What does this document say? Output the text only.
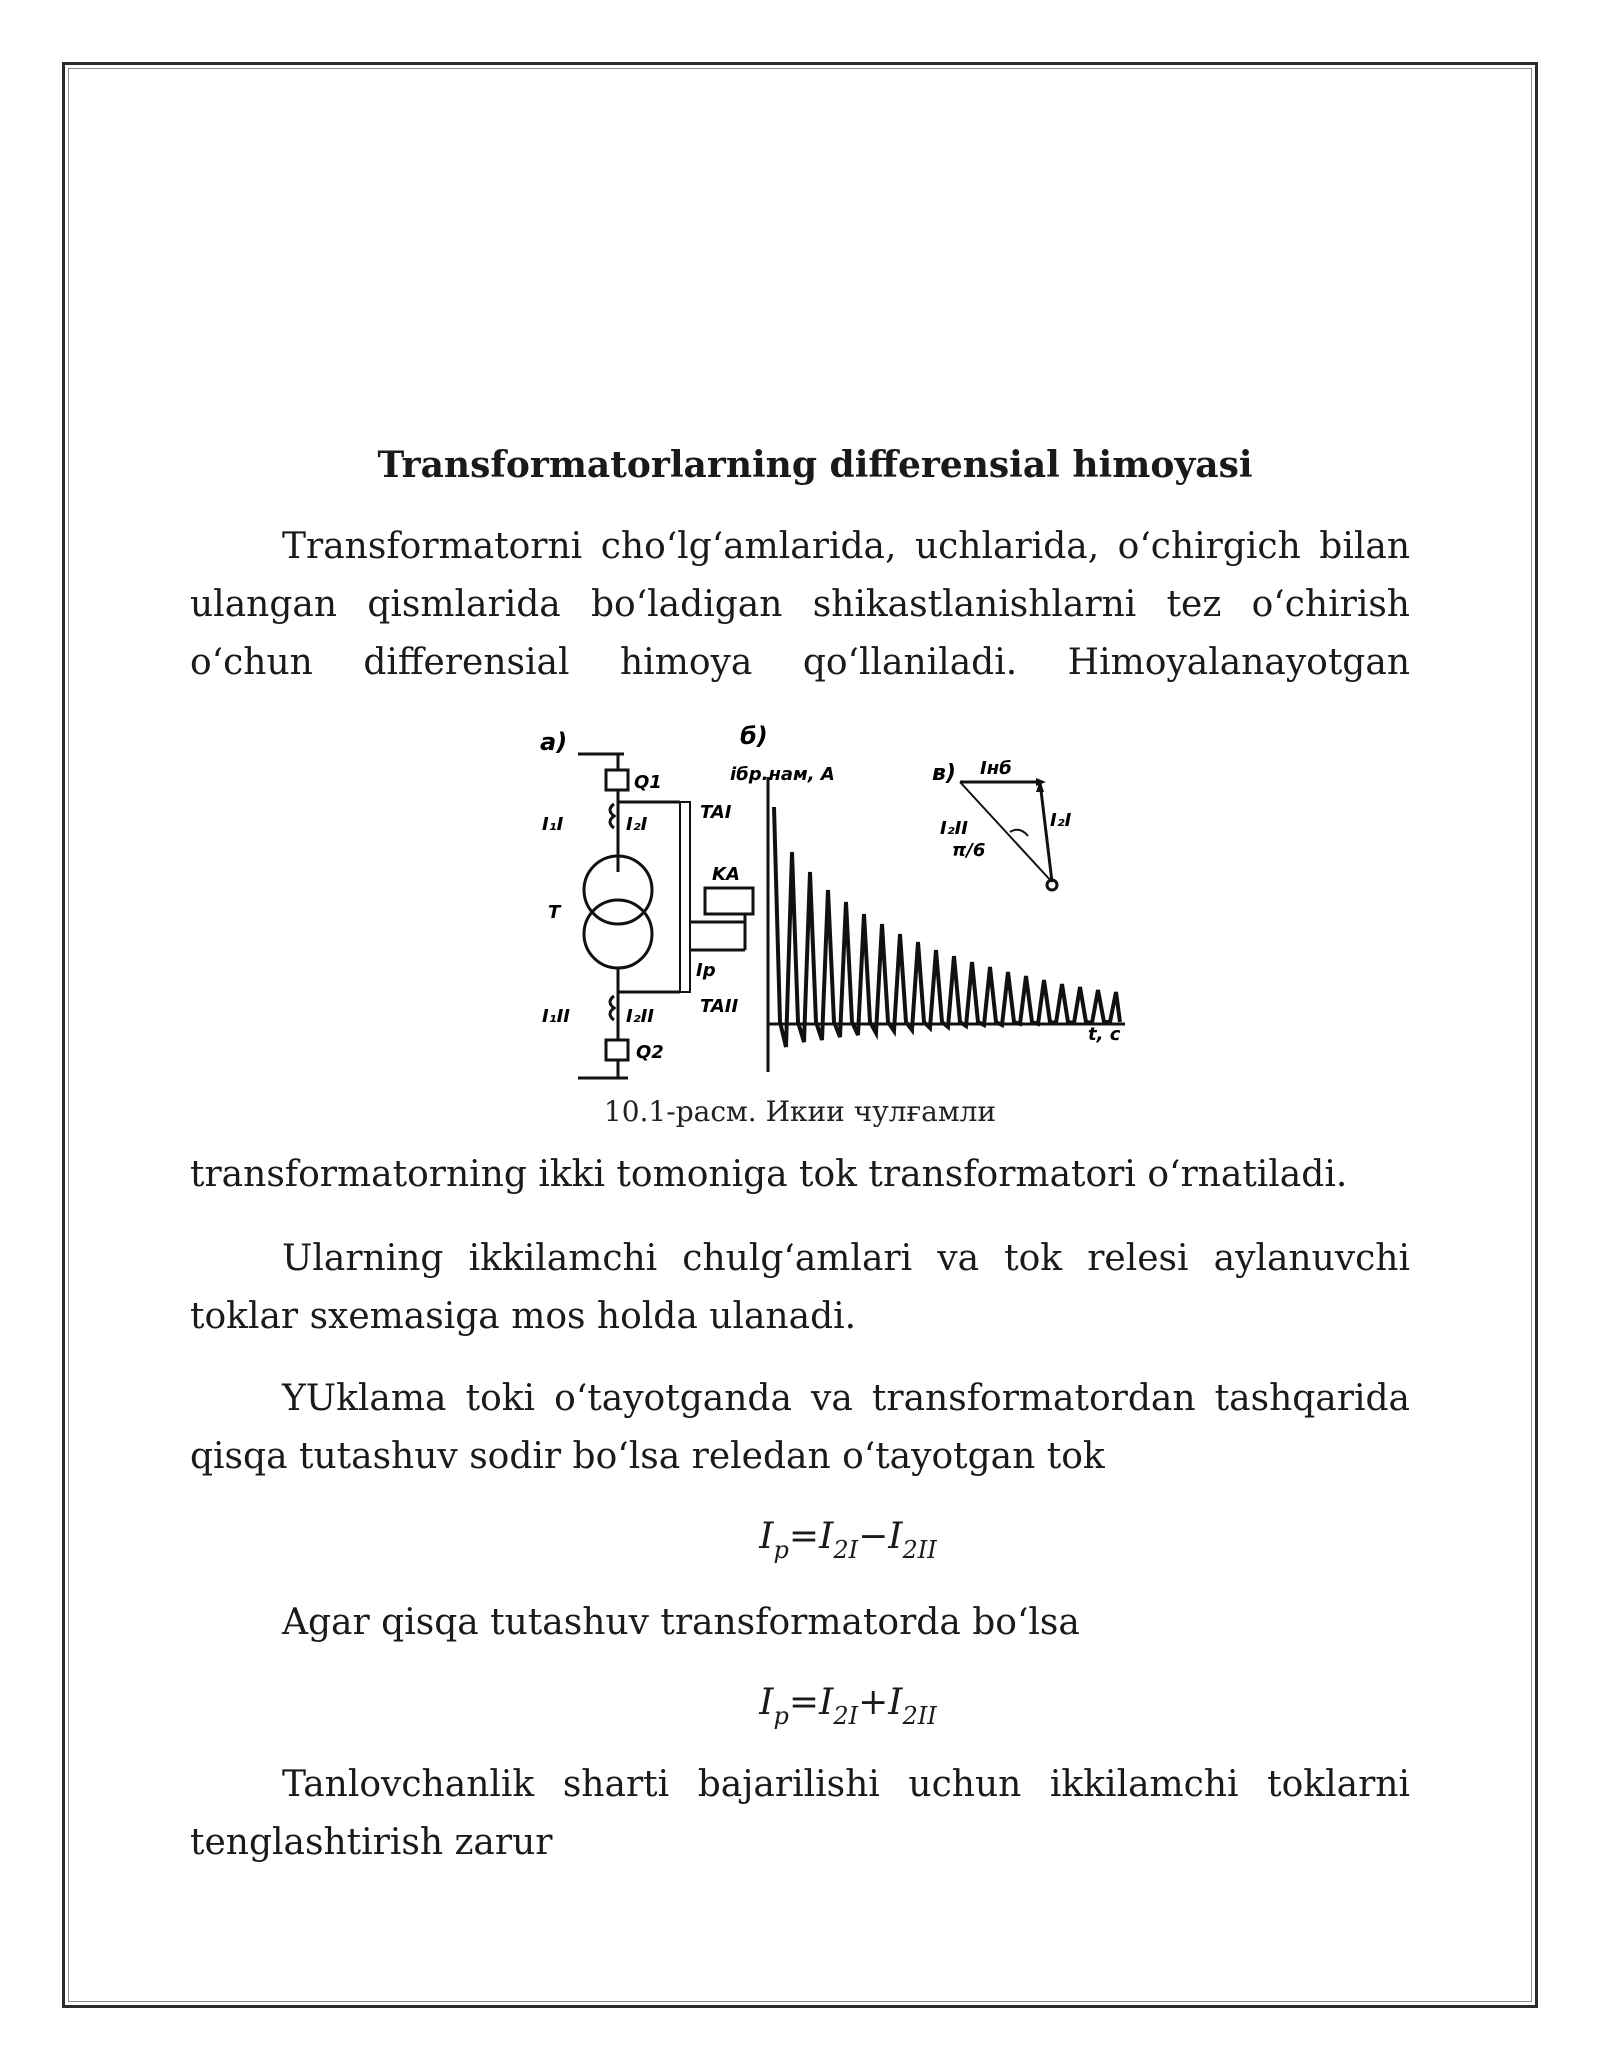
Transformatorlarning differensial himoyasi

Transformatorni cho‘lg‘amlarida, uchlarida, o‘chirgich bilan ulangan qismlarida bo‘ladigan shikastlanishlarni tez o‘chirish o‘chun differensial himoya qo‘llaniladi. Himoyalanayotgan

а)
Q1
TAI
I₁I	I₂I
KA
T
Iр
TAII
I₁II	I₂II
Q2
б)
iбр.нам, A
t, c
в) Iнб
I₂I
I₂II
π/6
10.1-расм. Икии чулғамли

transformatorning ikki tomoniga tok transformatori o‘rnatiladi.

Ularning ikkilamchi chulg‘amlari va tok relesi aylanuvchi toklar sxemasiga mos holda ulanadi.

YUklama toki o‘tayotganda va transformatordan tashqarida qisqa tutashuv sodir bo‘lsa reledan o‘tayotgan tok

$I_p=I_{2I}-I_{2II}$

Agar qisqa tutashuv transformatorda bo‘lsa

$I_p=I_{2I}+I_{2II}$

Tanlovchanlik sharti bajarilishi uchun ikkilamchi toklarni tenglashtirish zarur
